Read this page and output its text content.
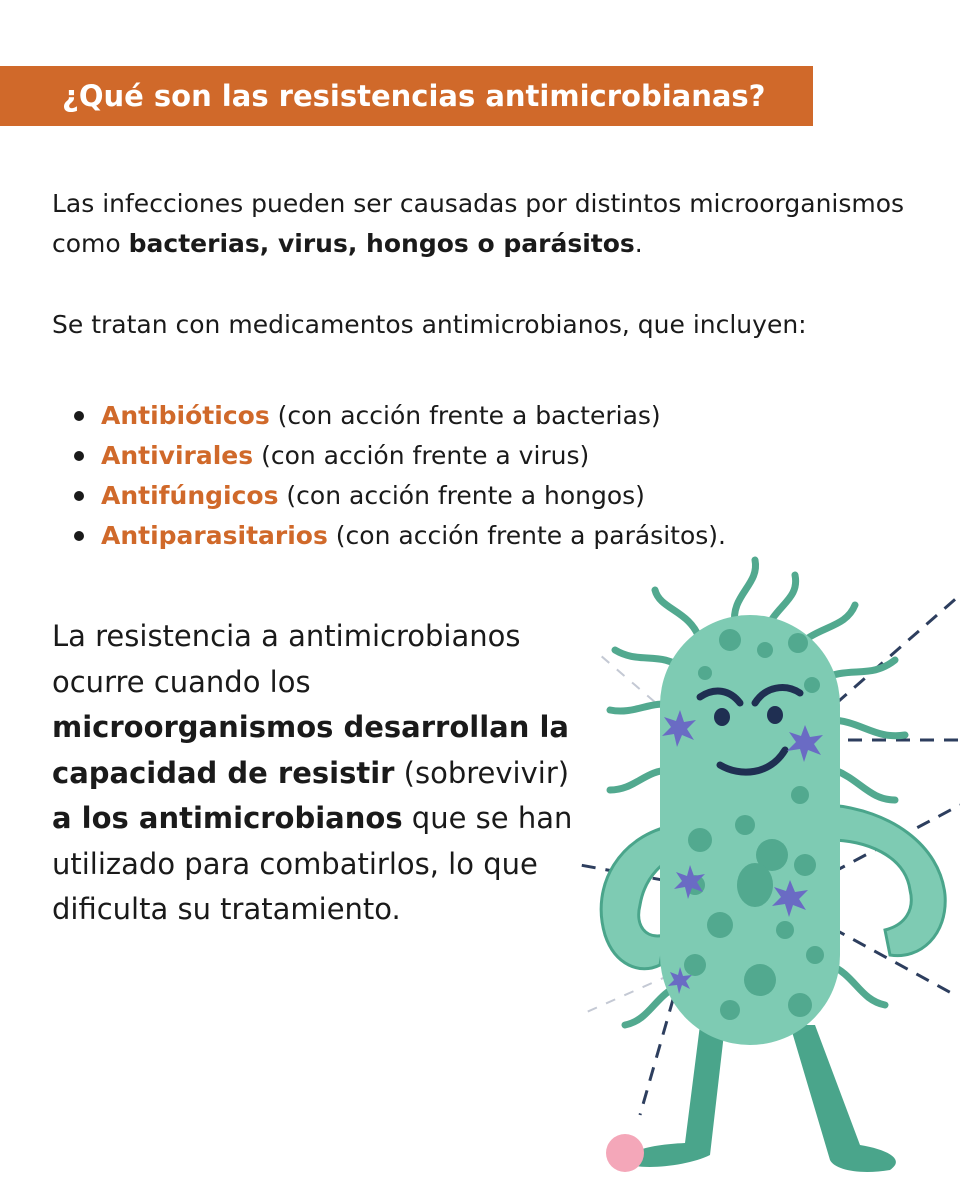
¿Qué son las resistencias antimicrobianas?

Las infecciones pueden ser causadas por distintos microorganismos como bacterias, virus, hongos o parásitos.

Se tratan con medicamentos antimicrobianos, que incluyen:

Antibióticos (con acción frente a bacterias)
Antivirales (con acción frente a virus)
Antifúngicos (con acción frente a hongos)
Antiparasitarios (con acción frente a parásitos).

La resistencia a antimicrobianos ocurre cuando los microorganismos desarrollan la capacidad de resistir (sobrevivir) a los antimicrobianos que se han utilizado para combatirlos, lo que dificulta su tratamiento.
